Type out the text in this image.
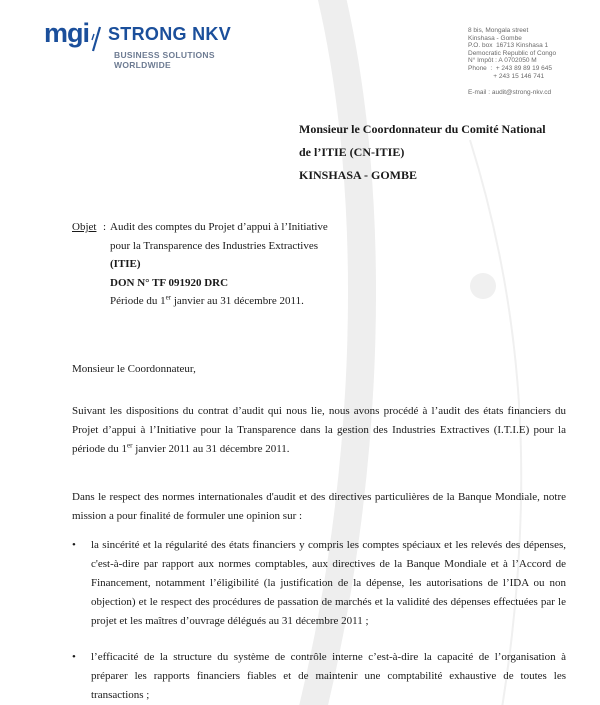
mgi STRONG NKV
BUSINESS SOLUTIONS
WORLDWIDE
8 bis, Mongala street
Kinshasa - Gombe
P.O. box  16713 Kinshasa 1
Democratic Republic of Congo
N° Impôt : A 0702050 M
Phone  :  + 243 89 89 19 645
+ 243 15 146 741
E-mail : audit@strong-nkv.cd
Monsieur le Coordonnateur du Comité National
de l’ITIE (CN-ITIE)
KINSHASA - GOMBE
Objet : Audit des comptes du Projet d’appui à l’Initiative
pour la Transparence des Industries Extractives
(ITIE)
DON N° TF 091920 DRC
Période du 1er janvier au 31 décembre 2011.
Monsieur le Coordonnateur,
Suivant les dispositions du contrat d’audit qui nous lie, nous avons procédé à l’audit des états financiers du Projet d’appui à l’Initiative pour la Transparence dans la gestion des Industries Extractives (I.T.I.E) pour la période du 1er janvier 2011 au 31 décembre 2011.
Dans le respect des normes internationales d'audit et des directives particulières de la Banque Mondiale, notre mission a pour finalité de formuler une opinion sur :
• la sincérité et la régularité des états financiers y compris les comptes spéciaux et les relevés des dépenses, c'est-à-dire par rapport aux normes comptables, aux directives de la Banque Mondiale et à l’Accord de Financement, notamment l’éligibilité (la justification de la dépense, les autorisations de l’IDA ou non objection) et le respect des procédures de passation de marchés et la validité des dépenses effectuées par le projet et les maîtres d’ouvrage délégués au 31 décembre 2011 ;
• l’efficacité de la structure du système de contrôle interne c’est-à-dire la capacité de l’organisation à préparer les rapports financiers fiables et de maintenir une comptabilité exhaustive de toutes les transactions ;
